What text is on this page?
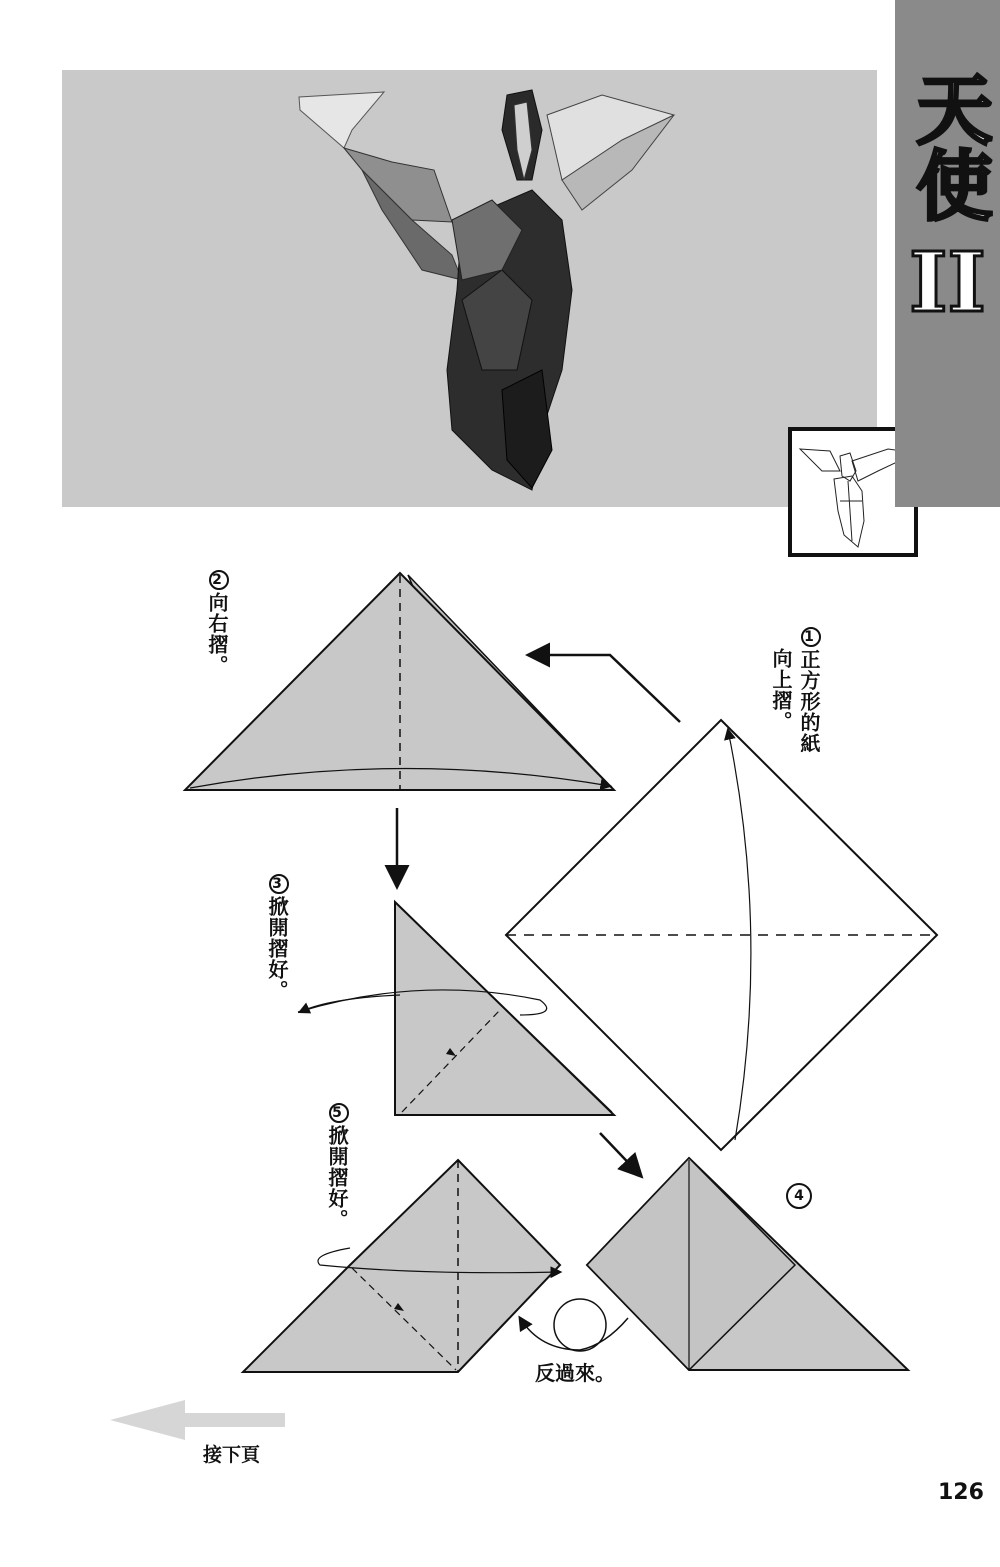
天使
II
2向右摺。	1正方形的紙
向上摺。
3掀開摺好。
5掀開摺好。	4
反過來。
接下頁
126
